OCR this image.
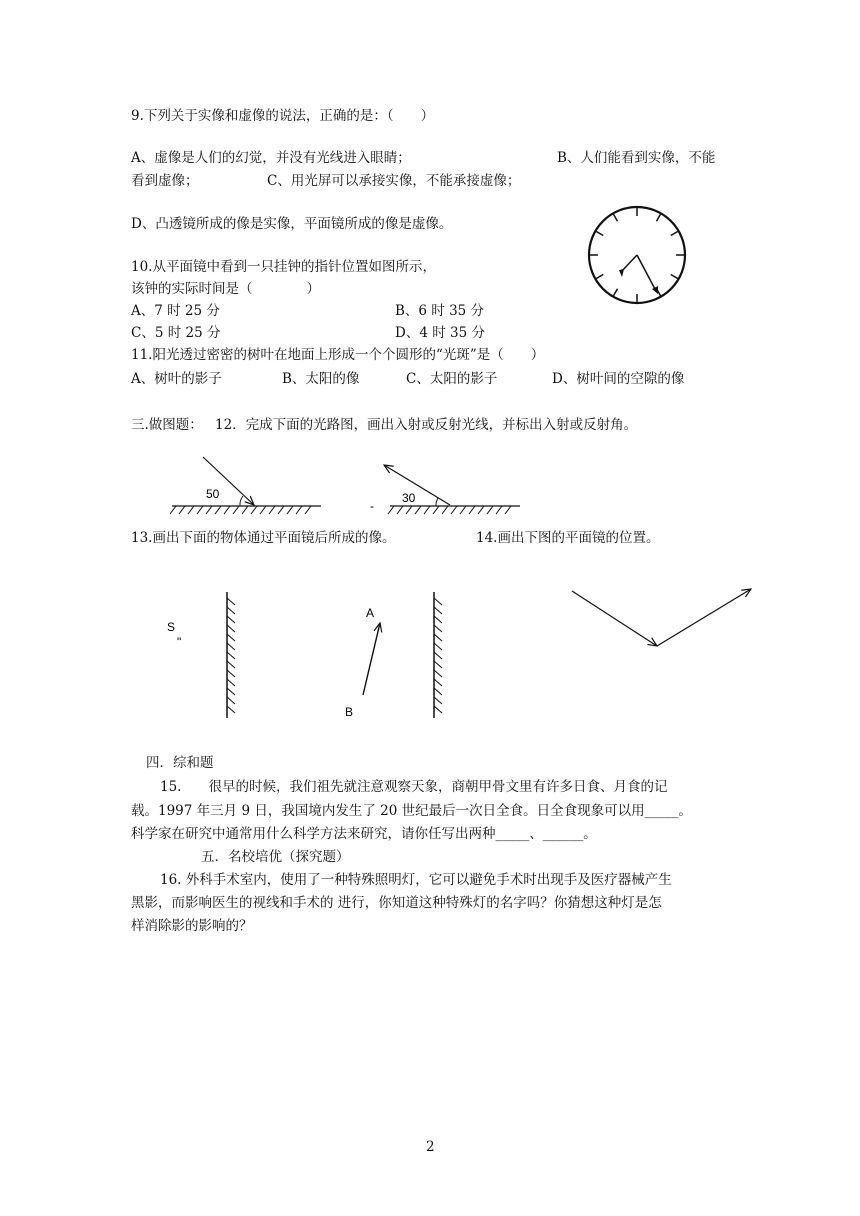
9.下列关于实像和虚像的说法，正确的是：（　　）
A、虚像是人们的幻觉，并没有光线进入眼睛；	B、人们能看到实像，不能
看到虚像；	C、用光屏可以承接实像，不能承接虚像；
D、凸透镜所成的像是实像，平面镜所成的像是虚像。
10.从平面镜中看到一只挂钟的指针位置如图所示，
该钟的实际时间是（　　　　）
A、7 时 25 分	B、6 时 35 分
C、5 时 25 分	D、4 时 35 分
11.阳光透过密密的树叶在地面上形成一个个圆形的“光斑”是（　　）
A、树叶的影子	B、太阳的像	C、太阳的影子	D、树叶间的空隙的像
三.做图题： 12．完成下面的光路图，画出入射或反射光线，并标出入射或反射角。
13.画出下面的物体通过平面镜后所成的像。	14.画出下图的平面镜的位置。
四．综和题
15.　　很早的时候，我们祖先就注意观察天象，商朝甲骨文里有许多日食、月食的记
载。1997 年三月 9 日，我国境内发生了 20 世纪最后一次日全食。日全食现象可以用_____。
科学家在研究中通常用什么科学方法来研究，请你任写出两种_____、______。
五．名校培优（探究题）
16. 外科手术室内，使用了一种特殊照明灯，它可以避免手术时出现手及医疗器械产生
黑影，而影响医生的视线和手术的 进行，你知道这种特殊灯的名字吗？你猜想这种灯是怎
样消除影的影响的？
2
50	30
-
S
"
A
B
